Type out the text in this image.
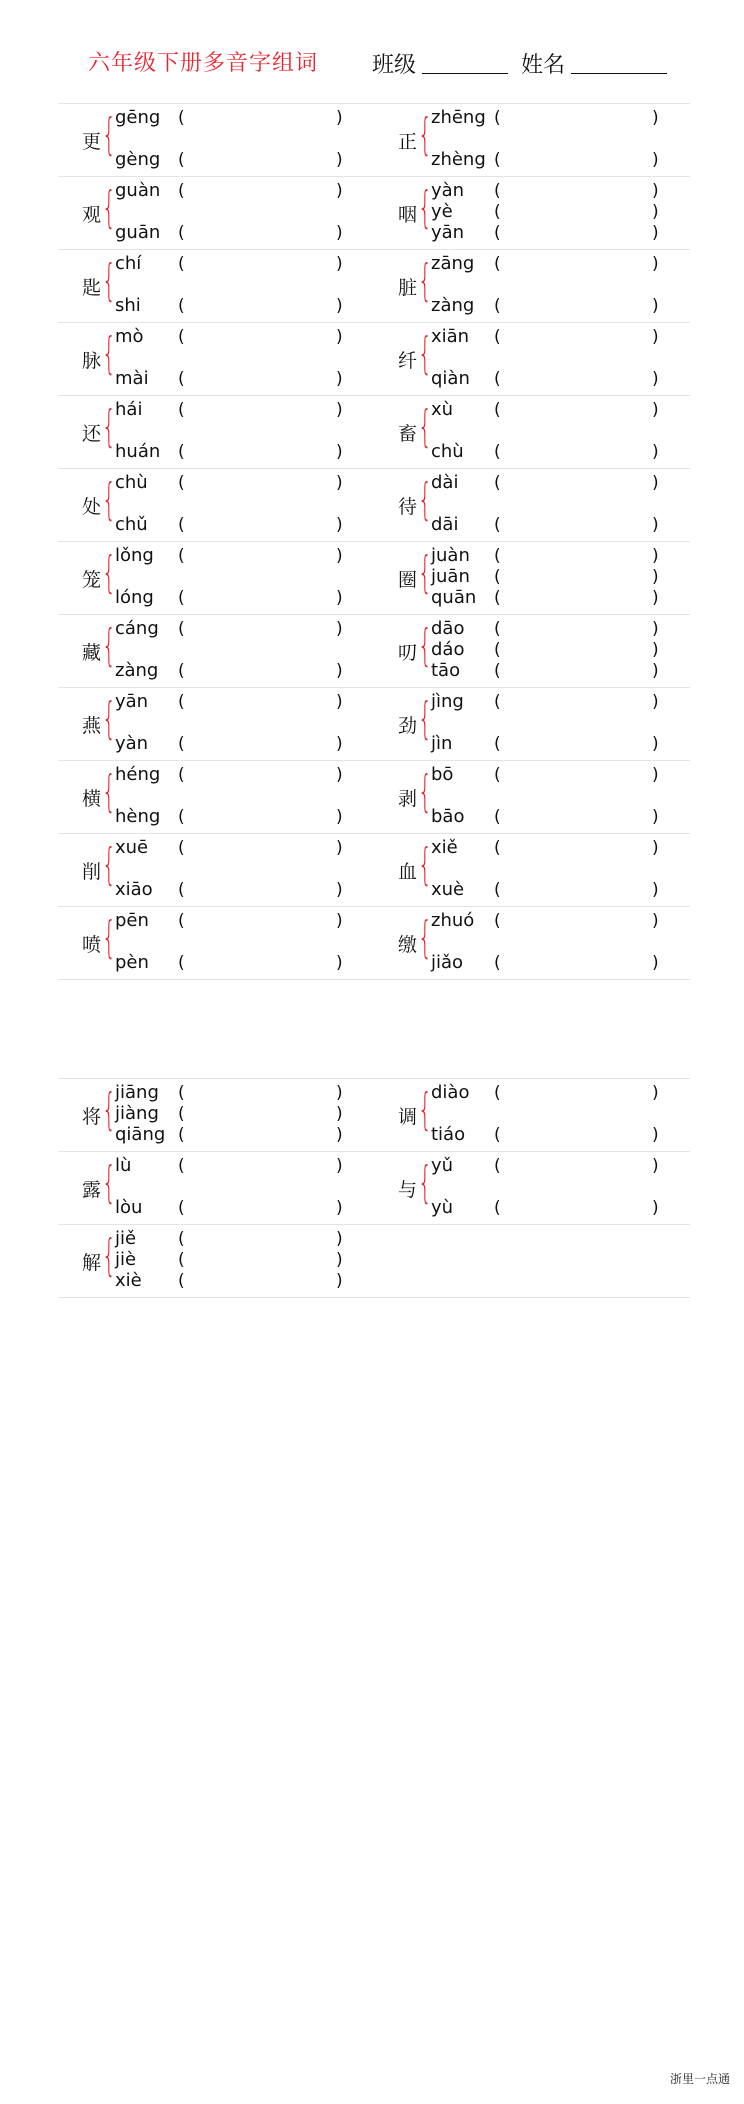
六年级下册多音字组词 班级	姓名
更 { gēng (	)
gèng (	)
正 { zhēng (	)
zhèng (	)
观 { guàn (	)
guān (	)
咽 { yàn (	)
yè (	)
yān (	)
匙 { chí (	)
shi (	)
脏 { zāng (	)
zàng (	)
脉 { mò (	)
mài (	)
纤 { xiān (	)
qiàn (	)
还 { hái (	)
huán (	)
畜 { xù (	)
chù (	)
处 { chù (	)
chǔ (	)
待 { dài (	)
dāi (	)
笼 { lǒng (	)
lóng (	)
圈 { juàn (	)
juān (	)
quān (	)
藏 { cáng (	)
zàng (	)
叨 { dāo (	)
dáo (	)
tāo (	)
燕 { yān (	)
yàn (	)
劲 { jìng (	)
jìn (	)
横 { héng (	)
hèng (	)
剥 { bō (	)
bāo (	)
削 { xuē (	)
xiāo (	)
血 { xiě (	)
xuè (	)
喷 { pēn (	)
pèn (	)
缴 { zhuó (	)
jiǎo (	)
将 { jiāng (	)
jiàng (	)
qiāng (	)
调 { diào (	)
tiáo (	)
露 { lù	(	)
lòu (	)
与 { yǔ (	)
yù (	)
解 { jiě (	)
jiè (	)
xiè (	)
浙里一点通
